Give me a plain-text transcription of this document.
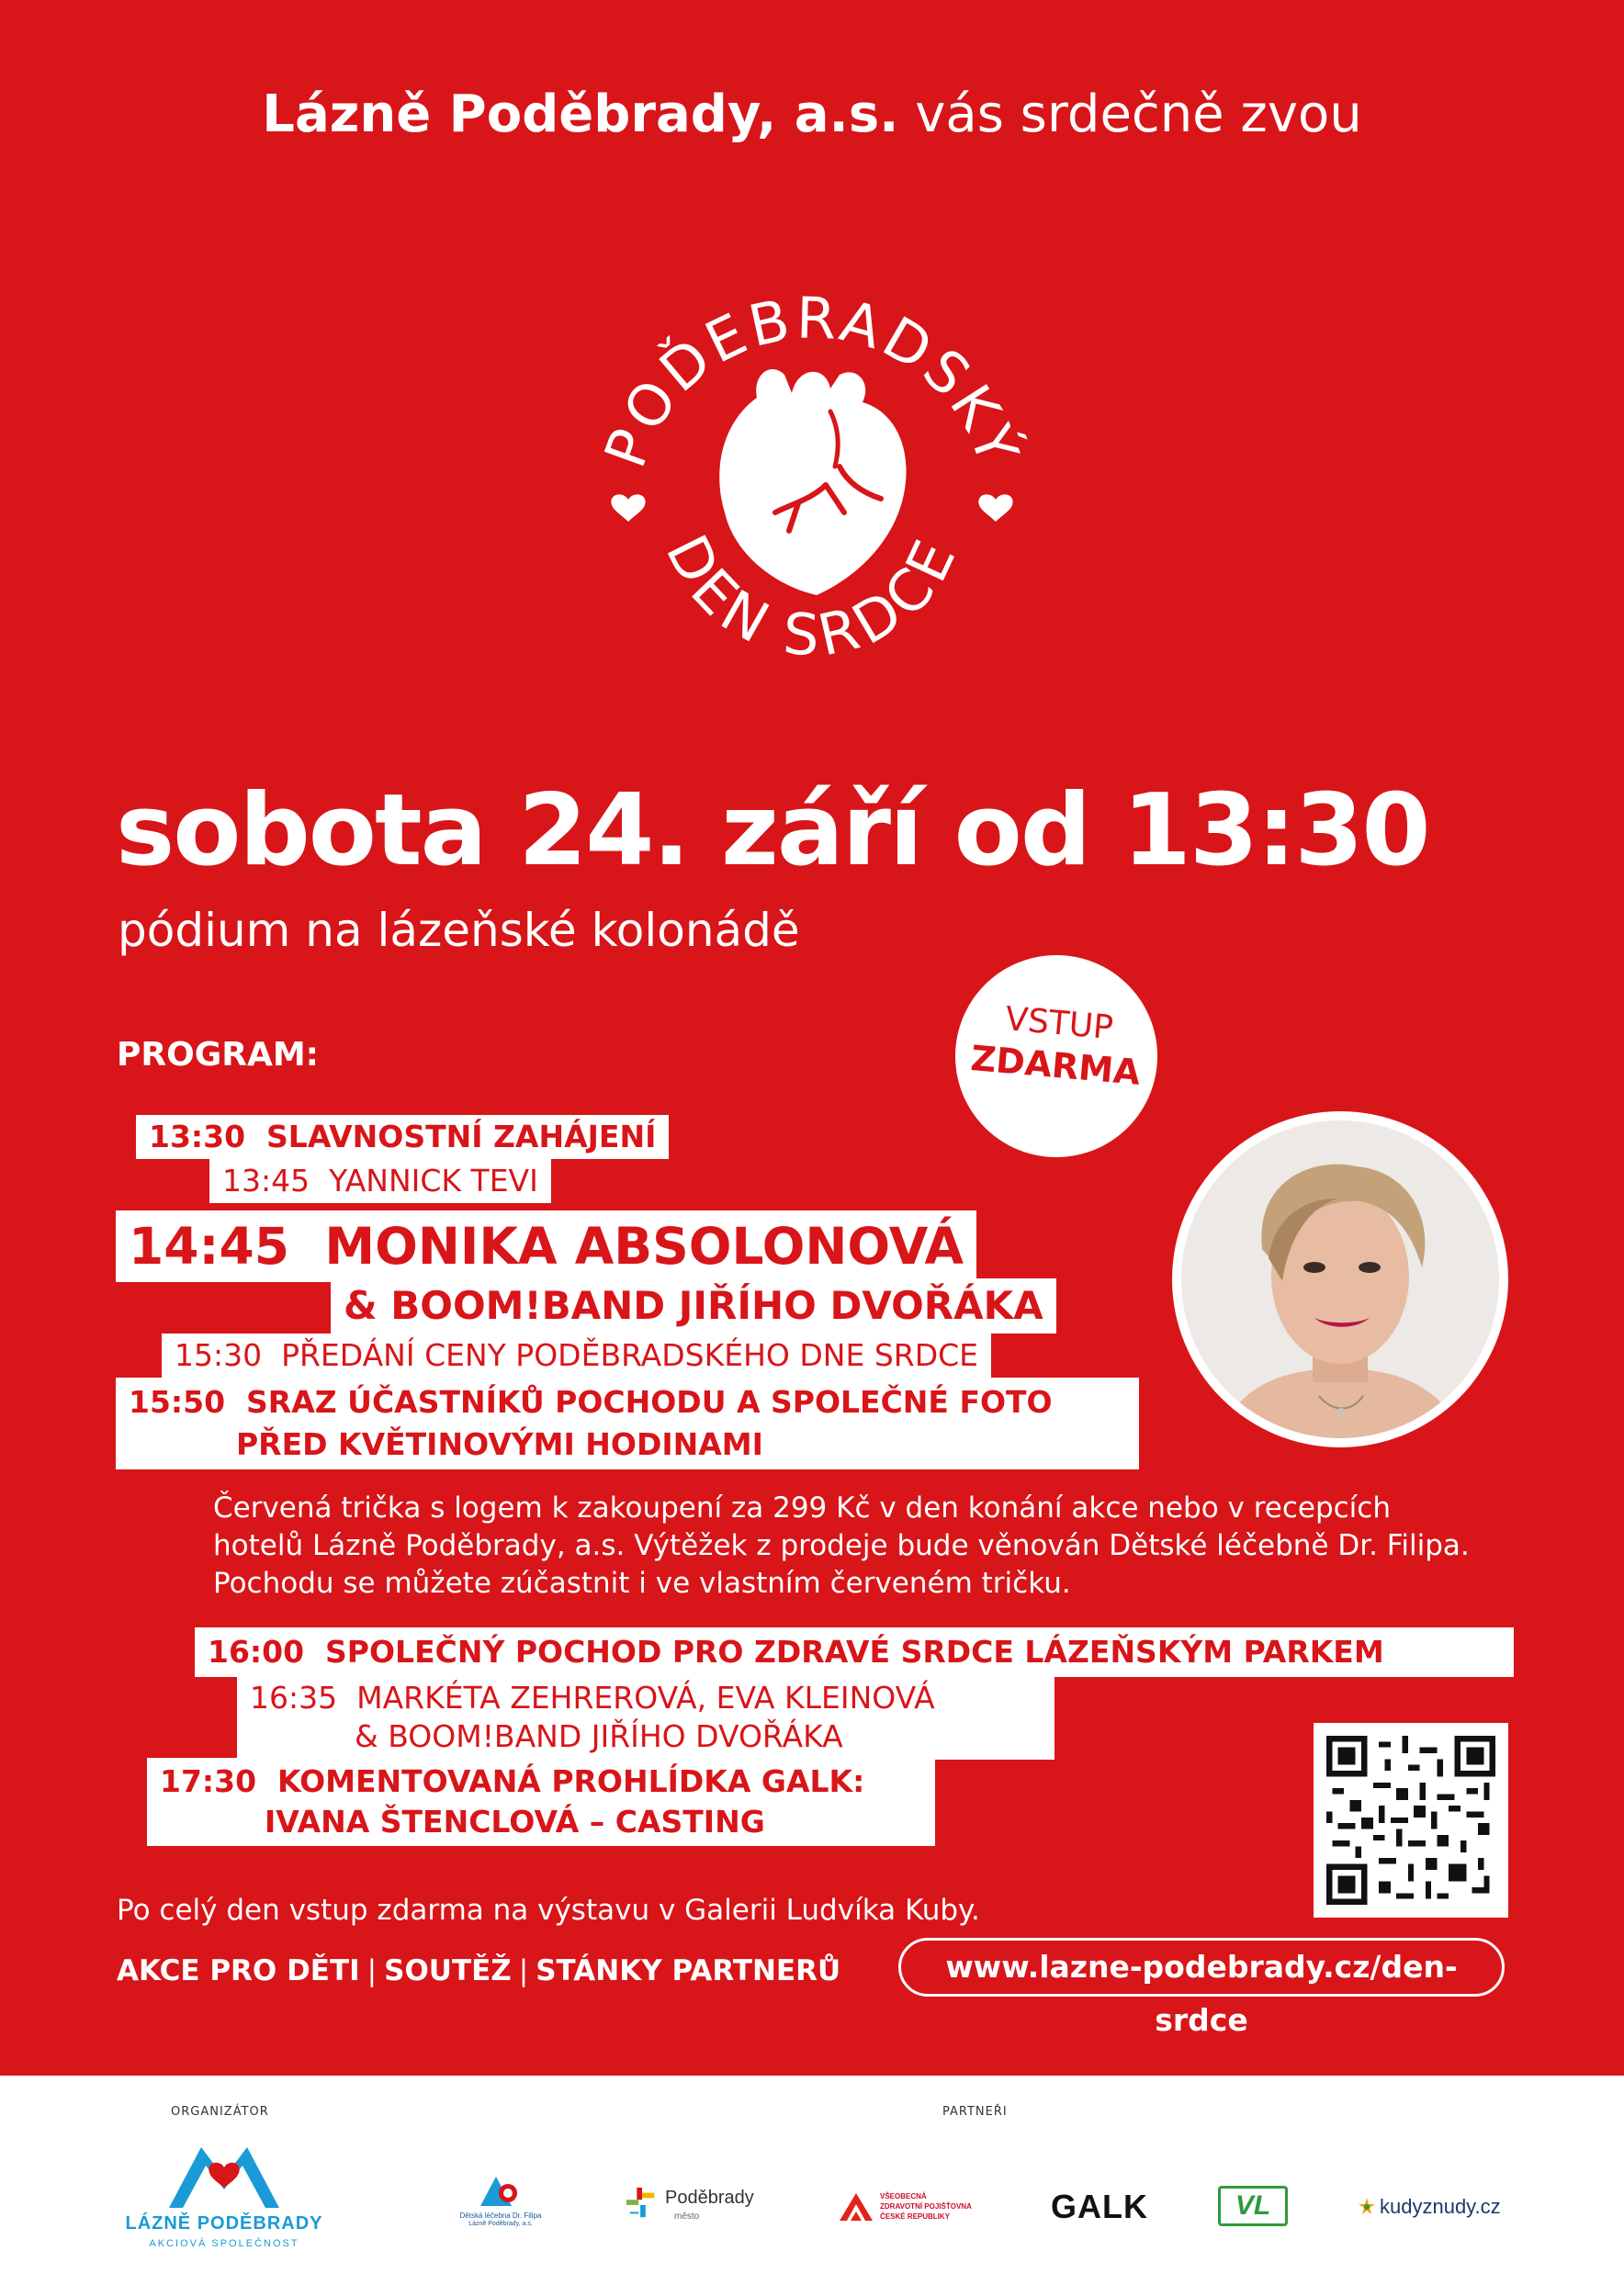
Lázně Poděbrady, a.s. vás srdečně zvou
POĎEBRADSKÝ
DEN SRDCE
sobota 24. září od 13:30
pódium na lázeňské kolonádě
PROGRAM:
VSTUP
ZDARMA
13:30 SLAVNOSTNÍ ZAHÁJENÍ
13:45 YANNICK TEVI
14:45 MONIKA ABSOLONOVÁ
& BOOM!BAND JIŘÍHO DVOŘÁKA
15:30 PŘEDÁNÍ CENY PODĚBRADSKÉHO DNE SRDCE
15:50 SRAZ ÚČASTNÍKŮ POCHODU A SPOLEČNÉ FOTO
PŘED KVĚTINOVÝMI HODINAMI
Červená trička s logem k zakoupení za 299 Kč v den konání akce nebo v recepcích hotelů Lázně Poděbrady, a.s. Výtěžek z prodeje bude věnován Dětské léčebně Dr. Filipa. Pochodu se můžete zúčastnit i ve vlastním červeném tričku.
16:00 SPOLEČNÝ POCHOD PRO ZDRAVÉ SRDCE LÁZEŇSKÝM PARKEM
16:35 MARKÉTA ZEHREROVÁ, EVA KLEINOVÁ
& BOOM!BAND JIŘÍHO DVOŘÁKA
17:30 KOMENTOVANÁ PROHLÍDKA GALK:
IVANA ŠTENCLOVÁ – CASTING
Po celý den vstup zdarma na výstavu v Galerii Ludvíka Kuby.
AKCE PRO DĚTI | SOUTĚŽ | STÁNKY PARTNERŮ	www.lazne-podebrady.cz/den-srdce
ORGANIZÁTOR	PARTNEŘI
LÁZNĚ PODĚBRADY
AKCIOVÁ SPOLEČNOST
Dětská léčebna Dr. Filipa
Lázně Poděbrady, a.s.
Poděbrady
město
VŠEOBECNÁ
ZDRAVOTNÍ POJIŠŤOVNA
ČESKÉ REPUBLIKY	GALK	VL	kudyznudy.cz
